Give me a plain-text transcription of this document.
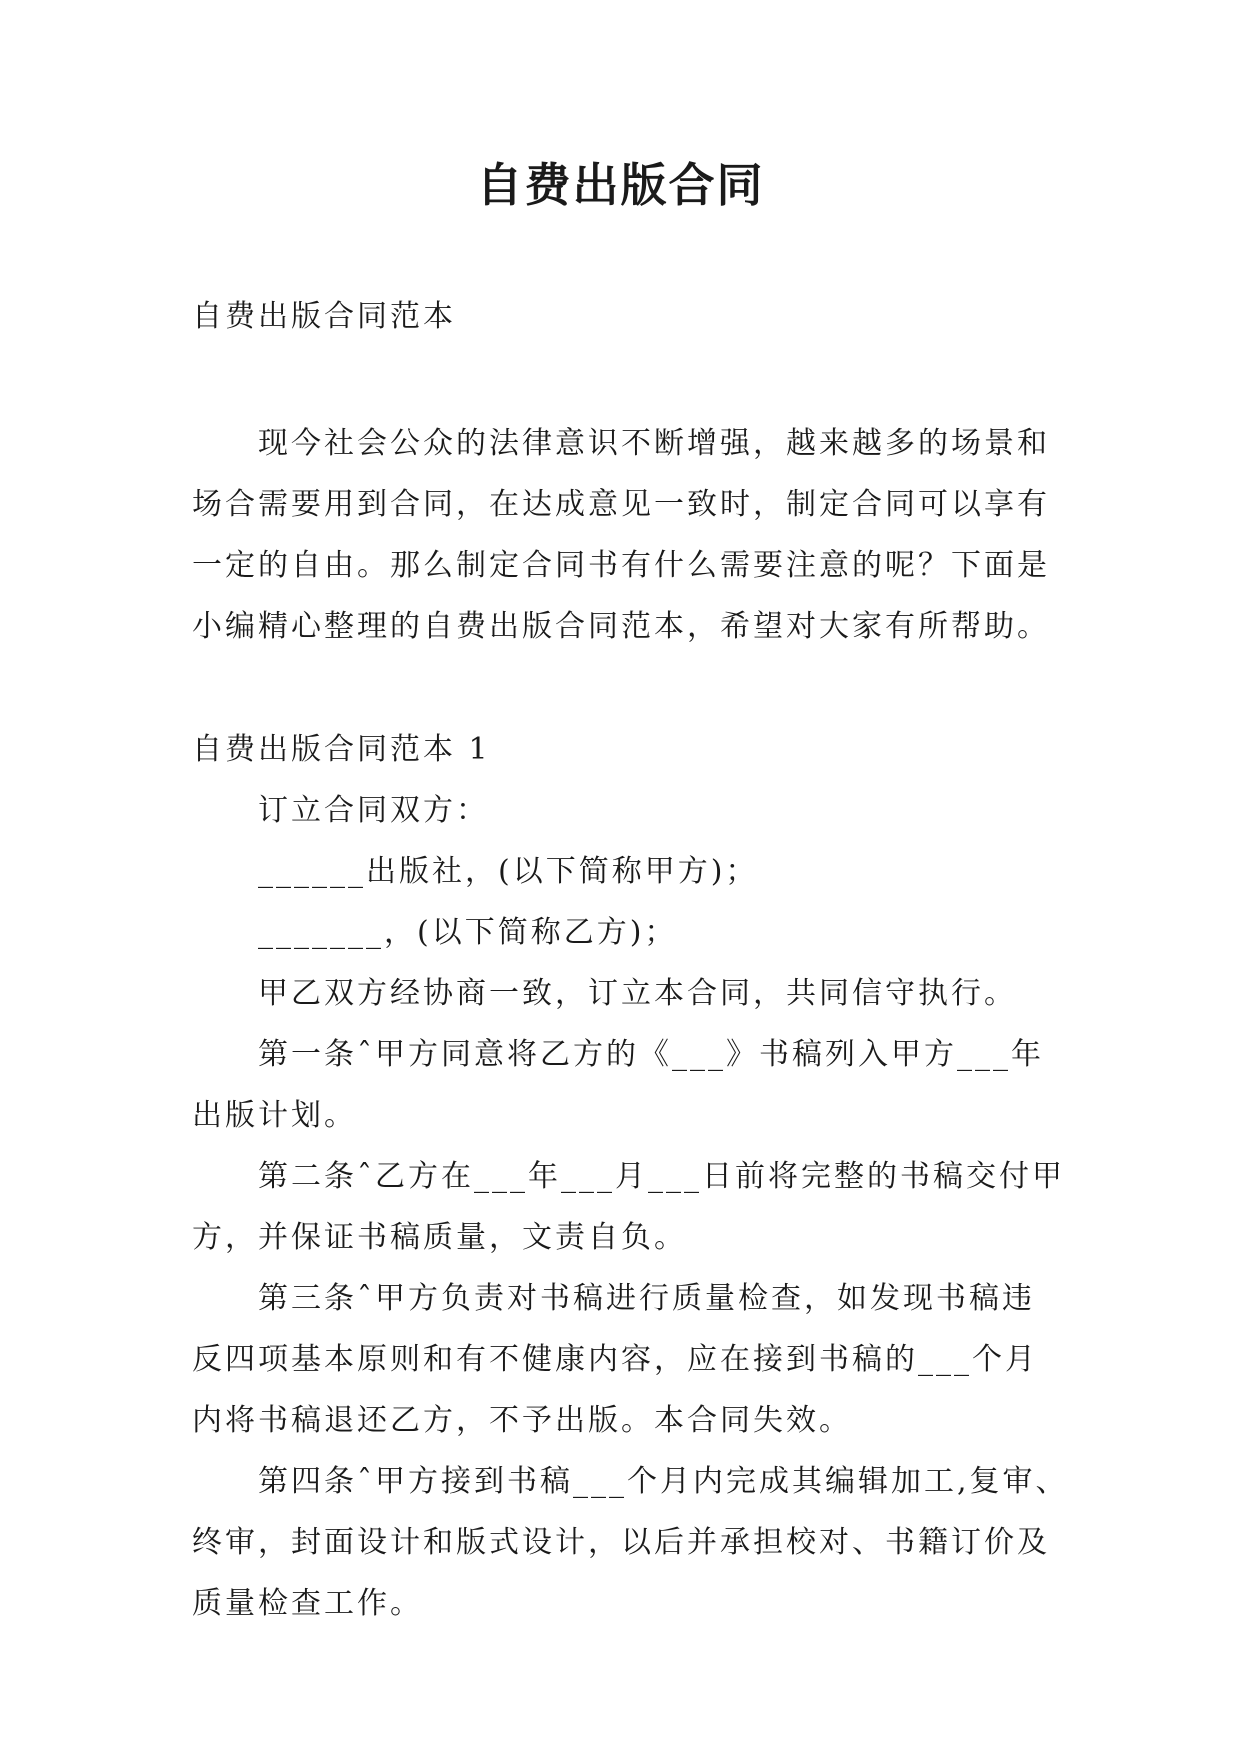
自费出版合同

自费出版合同范本

现今社会公众的法律意识不断增强，越来越多的场景和
场合需要用到合同，在达成意见一致时，制定合同可以享有
一定的自由。那么制定合同书有什么需要注意的呢？下面是
小编精心整理的自费出版合同范本，希望对大家有所帮助。

自费出版合同范本 1

订立合同双方：

______出版社，(以下简称甲方)；

_______，(以下简称乙方)；

甲乙双方经协商一致，订立本合同，共同信守执行。

第一条ˆ甲方同意将乙方的《___》书稿列入甲方___年
出版计划。

第二条ˆ乙方在___年___月___日前将完整的书稿交付甲
方，并保证书稿质量，文责自负。

第三条ˆ甲方负责对书稿进行质量检查，如发现书稿违
反四项基本原则和有不健康内容，应在接到书稿的___个月
内将书稿退还乙方，不予出版。本合同失效。

第四条ˆ甲方接到书稿___个月内完成其编辑加工,复审、
终审，封面设计和版式设计，以后并承担校对、书籍订价及
质量检查工作。
